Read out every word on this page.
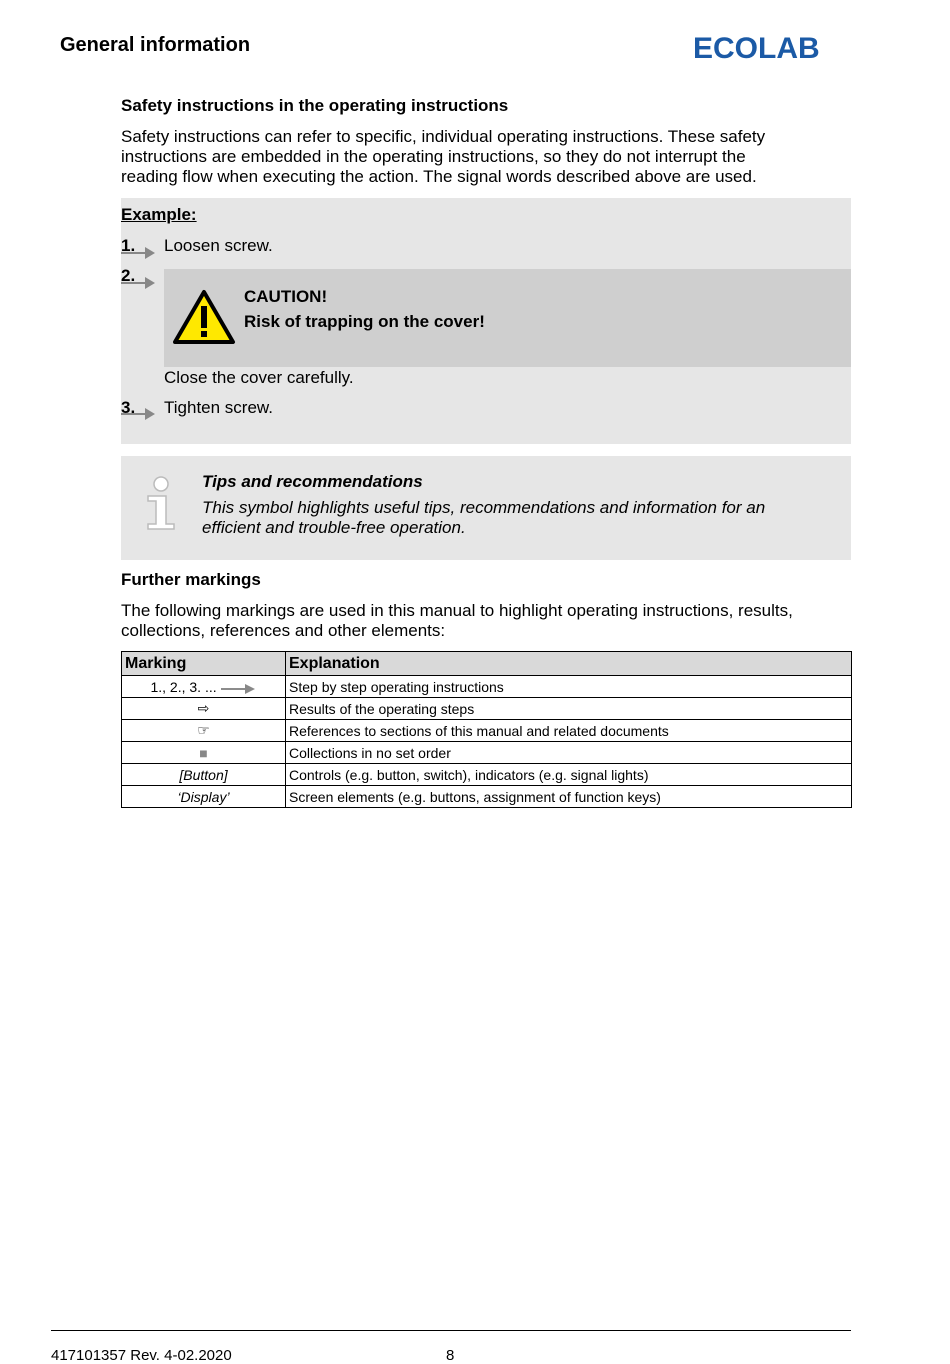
General information	ECOLAB
Safety instructions in the operating instructions
Safety instructions can refer to specific, individual operating instructions. These safety
instructions are embedded in the operating instructions, so they do not interrupt the
reading flow when executing the action. The signal words described above are used.
Example:
1. Loosen screw.
2.
CAUTION!
Risk of trapping on the cover!
Close the cover carefully.
3. Tighten screw.
Tips and recommendations
This symbol highlights useful tips, recommendations and information for an
efficient and trouble-free operation.
Further markings
The following markings are used in this manual to highlight operating instructions, results,
collections, references and other elements:
Marking	Explanation
1., 2., 3. ...	Step by step operating instructions
⇨	Results of the operating steps
☞	References to sections of this manual and related documents
■	Collections in no set order
[Button]	Controls (e.g. button, switch), indicators (e.g. signal lights)
‘Display’	Screen elements (e.g. buttons, assignment of function keys)
417101357 Rev. 4-02.2020	8
